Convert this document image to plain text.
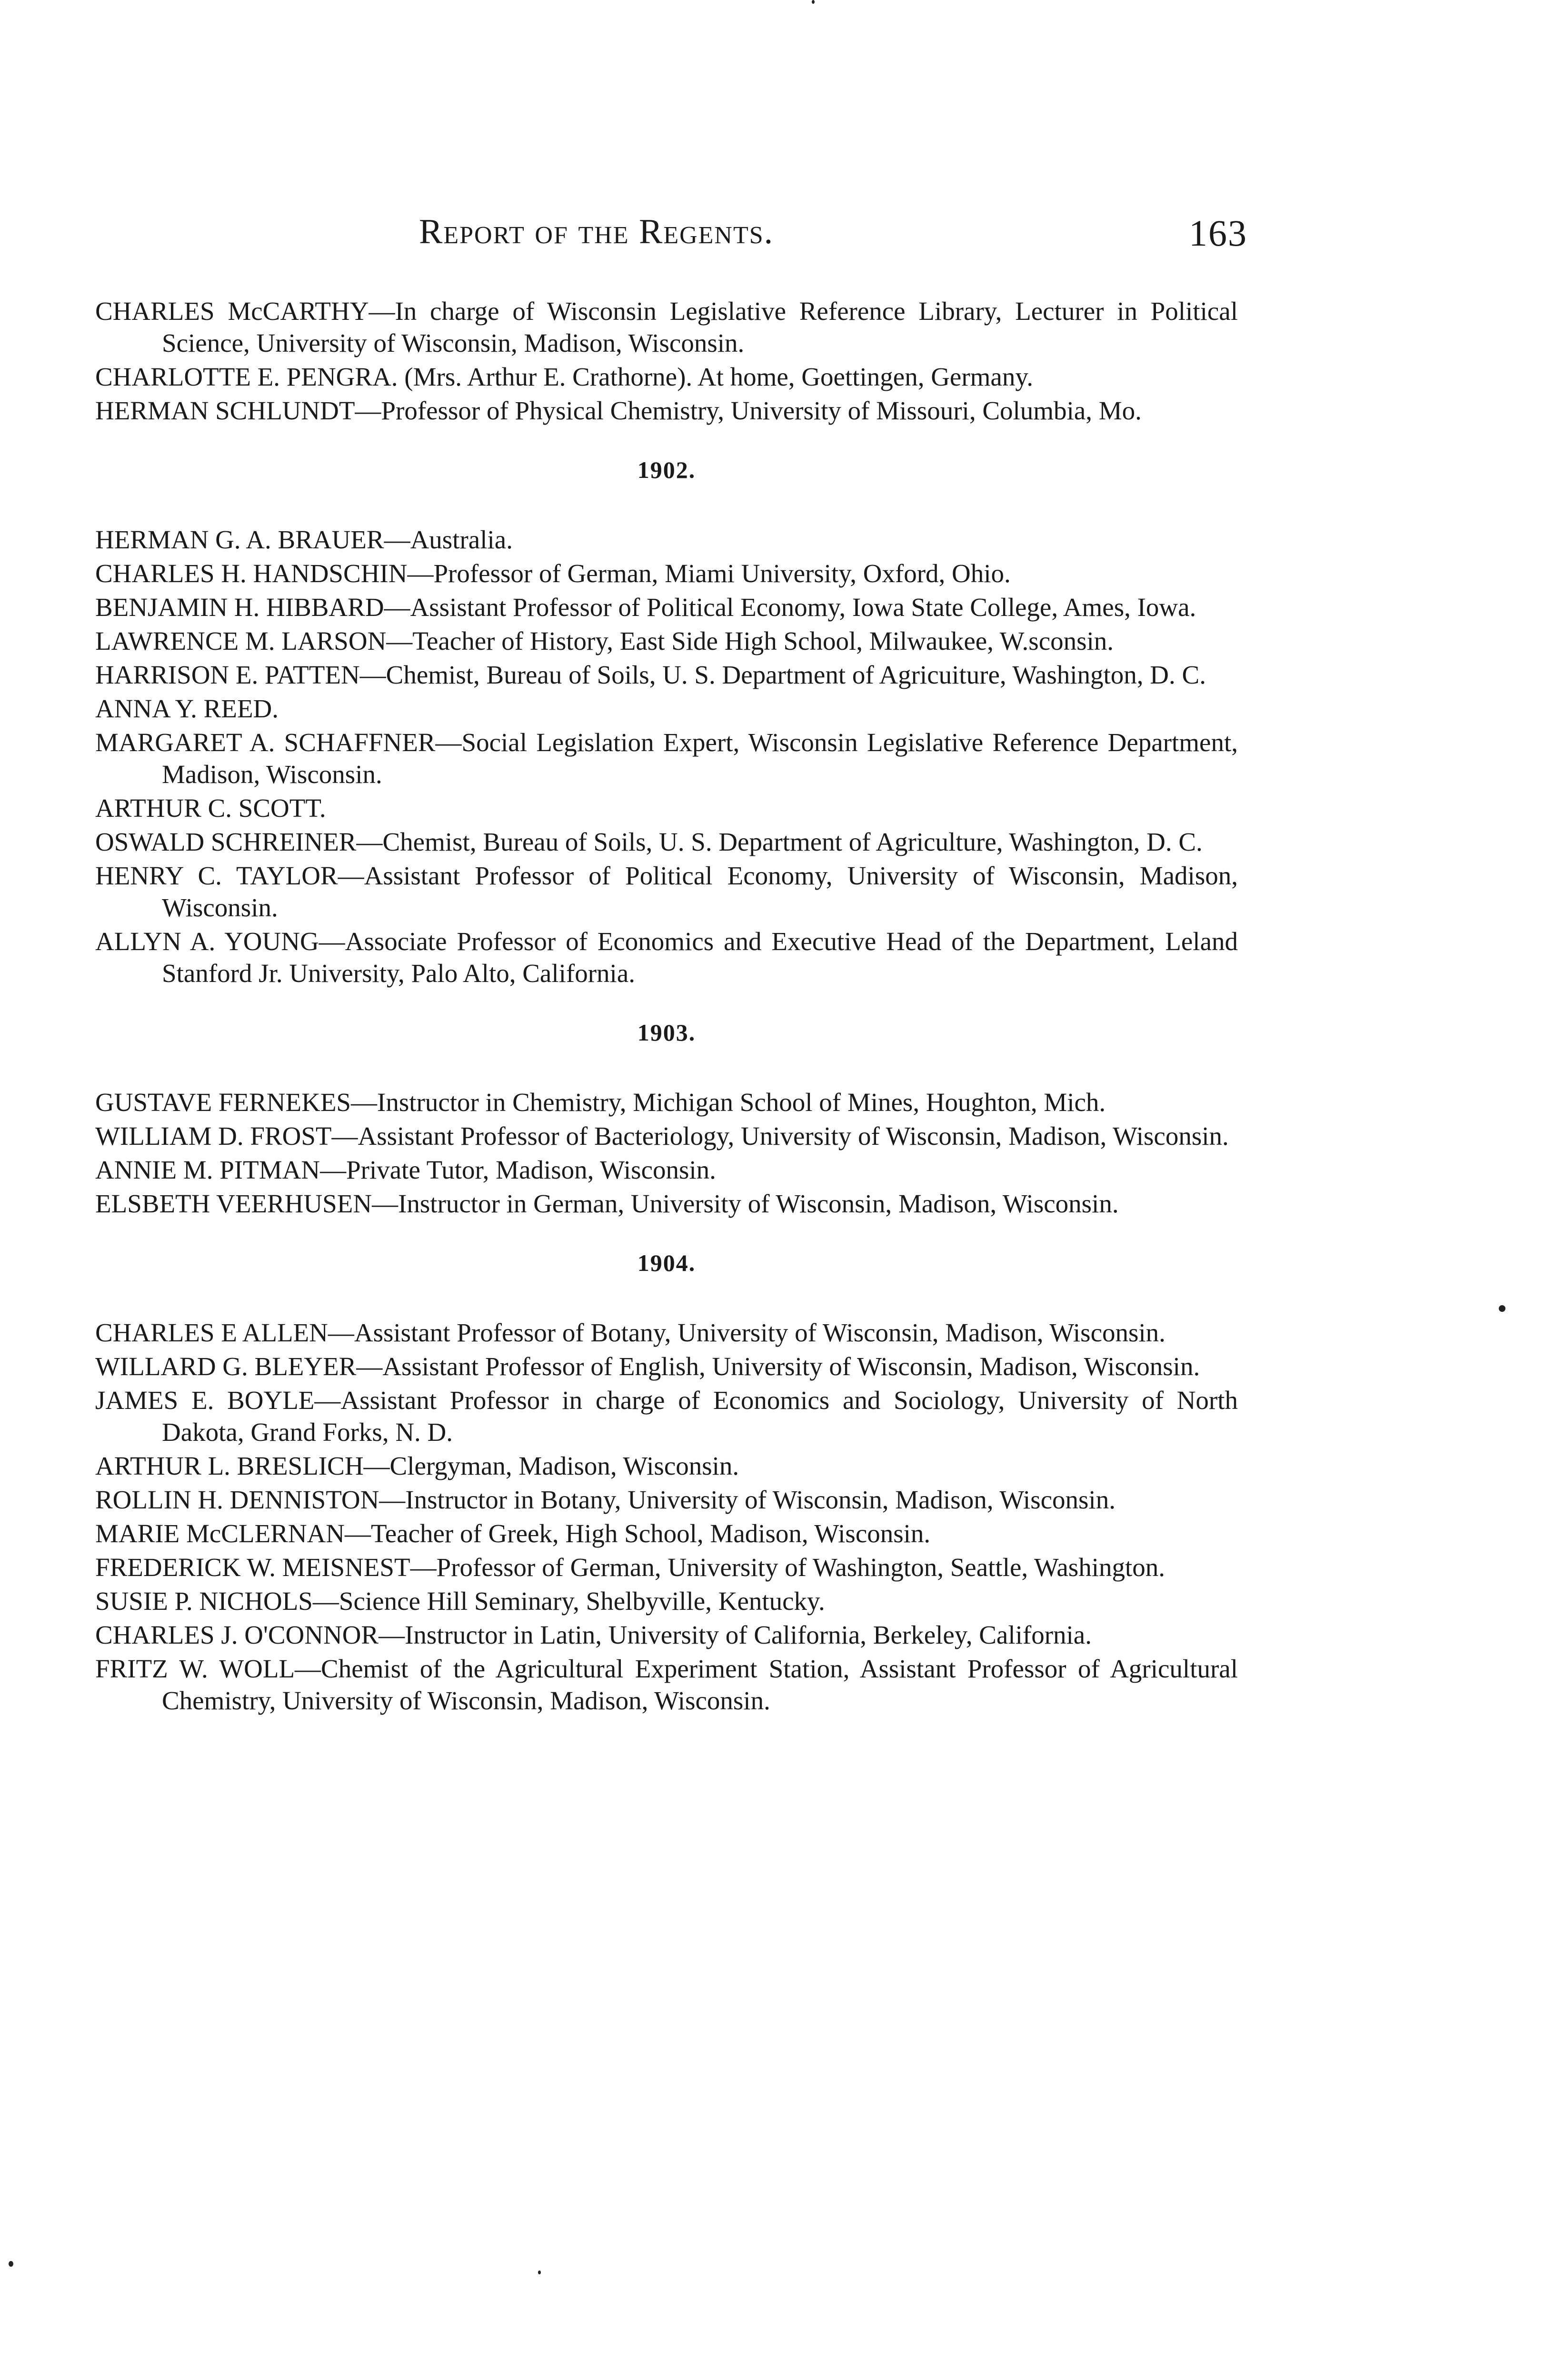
Report of the Regents.	163

CHARLES McCARTHY—In charge of Wisconsin Legislative Reference Library, Lecturer in Political Science, University of Wisconsin, Madison, Wisconsin.

CHARLOTTE E. PENGRA. (Mrs. Arthur E. Crathorne). At home, Goettingen, Germany.

HERMAN SCHLUNDT—Professor of Physical Chemistry, University of Missouri, Columbia, Mo.

1902.

HERMAN G. A. BRAUER—Australia.

CHARLES H. HANDSCHIN—Professor of German, Miami University, Oxford, Ohio.

BENJAMIN H. HIBBARD—Assistant Professor of Political Economy, Iowa State College, Ames, Iowa.

LAWRENCE M. LARSON—Teacher of History, East Side High School, Milwaukee, W.sconsin.

HARRISON E. PATTEN—Chemist, Bureau of Soils, U. S. Department of Agricuiture, Washington, D. C.

ANNA Y. REED.

MARGARET A. SCHAFFNER—Social Legislation Expert, Wisconsin Legislative Reference Department, Madison, Wisconsin.

ARTHUR C. SCOTT.

OSWALD SCHREINER—Chemist, Bureau of Soils, U. S. Department of Agriculture, Washington, D. C.

HENRY C. TAYLOR—Assistant Professor of Political Economy, University of Wisconsin, Madison, Wisconsin.

ALLYN A. YOUNG—Associate Professor of Economics and Executive Head of the Department, Leland Stanford Jr. University, Palo Alto, California.

1903.

GUSTAVE FERNEKES—Instructor in Chemistry, Michigan School of Mines, Houghton, Mich.

WILLIAM D. FROST—Assistant Professor of Bacteriology, University of Wisconsin, Madison, Wisconsin.

ANNIE M. PITMAN—Private Tutor, Madison, Wisconsin.

ELSBETH VEERHUSEN—Instructor in German, University of Wisconsin, Madison, Wisconsin.

1904.

CHARLES E ALLEN—Assistant Professor of Botany, University of Wisconsin, Madison, Wisconsin.

WILLARD G. BLEYER—Assistant Professor of English, University of Wisconsin, Madison, Wisconsin.

JAMES E. BOYLE—Assistant Professor in charge of Economics and Sociology, University of North Dakota, Grand Forks, N. D.

ARTHUR L. BRESLICH—Clergyman, Madison, Wisconsin.

ROLLIN H. DENNISTON—Instructor in Botany, University of Wisconsin, Madison, Wisconsin.

MARIE McCLERNAN—Teacher of Greek, High School, Madison, Wisconsin.

FREDERICK W. MEISNEST—Professor of German, University of Washington, Seattle, Washington.

SUSIE P. NICHOLS—Science Hill Seminary, Shelbyville, Kentucky.

CHARLES J. O'CONNOR—Instructor in Latin, University of California, Berkeley, California.

FRITZ W. WOLL—Chemist of the Agricultural Experiment Station, Assistant Professor of Agricultural Chemistry, University of Wisconsin, Madison, Wisconsin.
